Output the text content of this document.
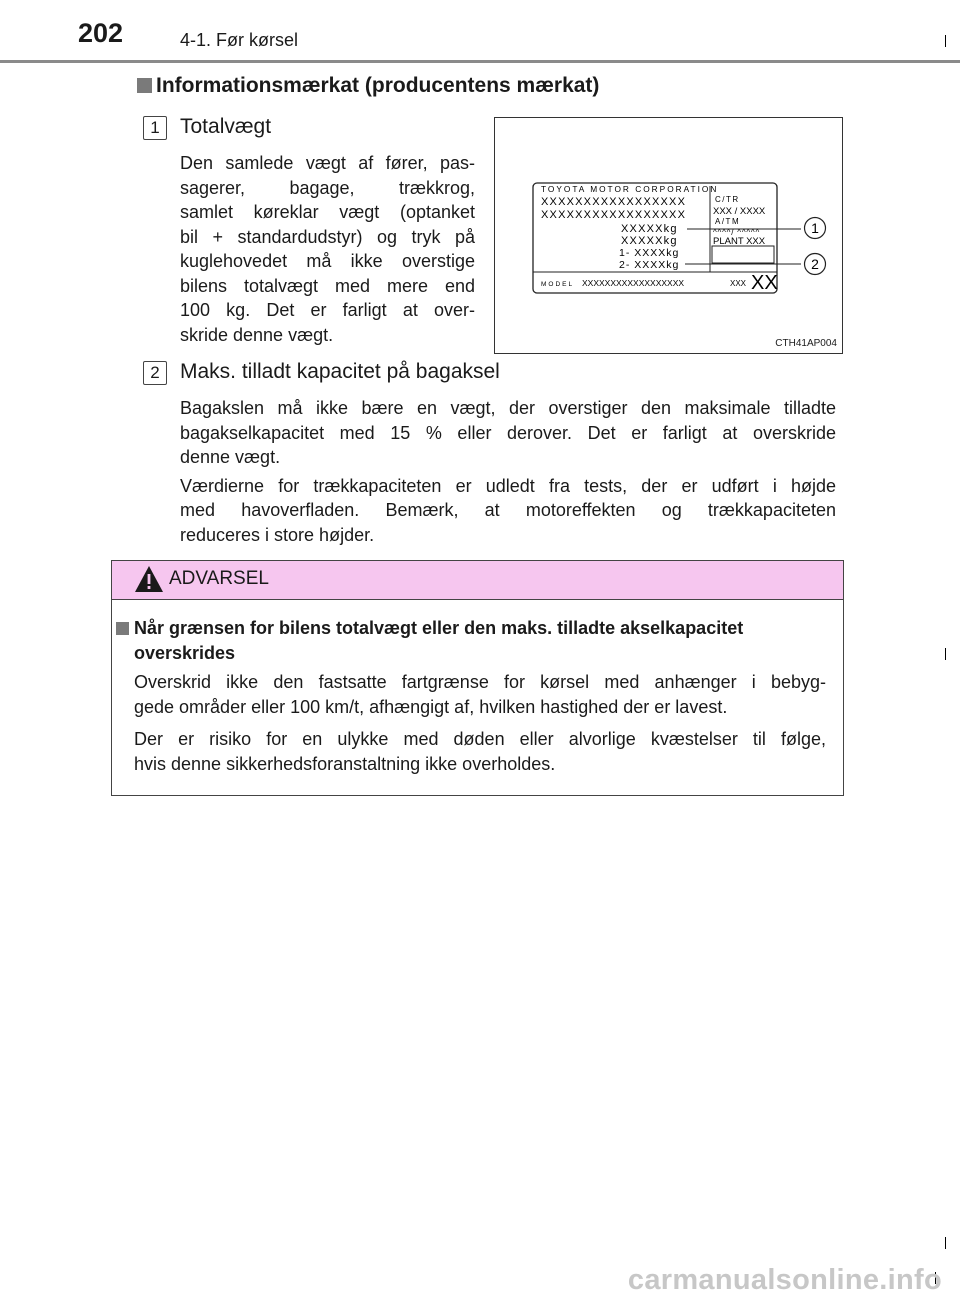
202	4-1. Før kørsel
Informationsmærkat (producentens mærkat)
1 Totalvægt
Den samlede vægt af fører, pas-
sagerer, bagage, trækkrog,
samlet køreklar vægt (optanket
bil + standardudstyr) og tryk på
kuglehovedet må ikke overstige
bilens totalvægt med mere end
100 kg. Det er farligt at over-
skride denne vægt.
TOYOTA MOTOR CORPORATION
XXXXXXXXXXXXXXXXX
XXXXXXXXXXXXXXXXX
XXXXXkg
XXXXXkg
1- XXXXkg
2- XXXXkg
C/TR
XXX / XXXX
A/TM
^^^^/ ^^^^^
PLANT XXX
MODEL XXXXXXXXXXXXXXXXXX	XXX XX
1
2
CTH41AP004
2 Maks. tilladt kapacitet på bagaksel
Bagakslen må ikke bære en vægt, der overstiger den maksimale tilladte
bagakselkapacitet med 15 % eller derover. Det er farligt at overskride
denne vægt.
Værdierne for trækkapaciteten er udledt fra tests, der er udført i højde
med havoverfladen. Bemærk, at motoreffekten og trækkapaciteten
reduceres i store højder.
ADVARSEL
Når grænsen for bilens totalvægt eller den maks. tilladte akselkapacitet
overskrides
Overskrid ikke den fastsatte fartgrænse for kørsel med anhænger i bebyg-
gede områder eller 100 km/t, afhængigt af, hvilken hastighed der er lavest.
Der er risiko for en ulykke med døden eller alvorlige kvæstelser til følge,
hvis denne sikkerhedsforanstaltning ikke overholdes.
carmanualsonline.info
